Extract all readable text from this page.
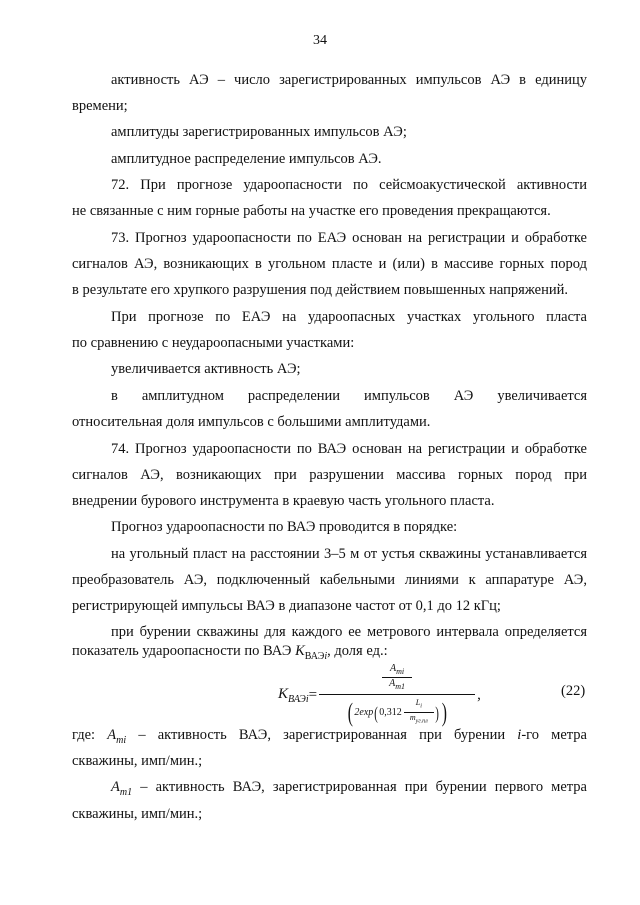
34
активность АЭ – число зарегистрированных импульсов АЭ в единицу
времени;
амплитуды зарегистрированных импульсов АЭ;
амплитудное распределение импульсов АЭ.
72. При прогнозе удароопасности по сейсмоакустической активности
не связанные с ним горные работы на участке его проведения прекращаются.
73. Прогноз удароопасности по ЕАЭ основан на регистрации и обработке
сигналов АЭ, возникающих в угольном пласте и (или) в массиве горных пород
в результате его хрупкого разрушения под действием повышенных напряжений.
При прогнозе по ЕАЭ на удароопасных участках угольного пласта
по сравнению с неудароопасными участками:
увеличивается активность АЭ;
в амплитудном распределении импульсов АЭ увеличивается
относительная доля импульсов с большими амплитудами.
74. Прогноз удароопасности по ВАЭ основан на регистрации и обработке
сигналов АЭ, возникающих при разрушении массива горных пород при
внедрении бурового инструмента в краевую часть угольного пласта.
Прогноз удароопасности по ВАЭ проводится в порядке:
на угольный пласт на расстоянии 3–5 м от устья скважины устанавливается
преобразователь АЭ, подключенный кабельными линиями к аппаратуре АЭ,
регистрирующей импульсы ВАЭ в диапазоне частот от 0,1 до 12 кГц;
при бурении скважины для каждого ее метрового интервала определяется
показатель удароопасности по ВАЭ $К_{ВАЭi}$, доля ед.:
$К_{ВАЭi}$ =
$A_{mi}$
$A_{m1}$
( 2exp ( $0,312 \frac{L_i}{m_{уг.пл}}$ ) )
,	(22)
где: $A_{mi}$ – активность ВАЭ, зарегистрированная при бурении i-го метра
скважины, имп/мин.;
$A_{m1}$ – активность ВАЭ, зарегистрированная при бурении первого метра
скважины, имп/мин.;
